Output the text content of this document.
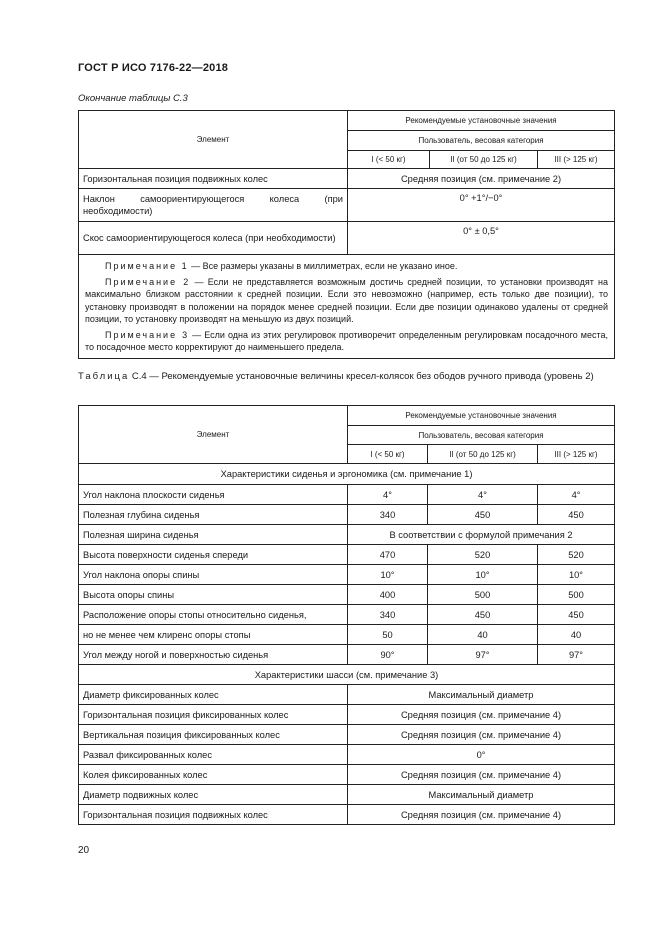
ГОСТ Р ИСО 7176-22—2018
Окончание таблицы С.3
Элемент	Рекомендуемые установочные значения		
	Пользователь, весовая категория		
	I (< 50 кг)	II (от 50 до 125 кг)	III (> 125 кг)
Горизонтальная позиция подвижных колес	Средняя позиция (см. примечание 2)		
Наклон самоориентирующегося колеса (при необходимости)	0° +1°/−0°		
Скос самоориентирующегося колеса (при необходимости)	0° ± 0,5°		

Примечание 1 — Все размеры указаны в миллиметрах, если не указано иное.

Примечание 2 — Если не представляется возможным достичь средней позиции, то установки производят на максимально близком расстоянии к средней позиции. Если это невозможно (например, есть только две позиции), то установку производят в положении на порядок менее средней позиции. Если две позиции одинаково удалены от средней позиции, то установку производят на меньшую из двух позиций.

Примечание 3 — Если одна из этих регулировок противоречит определенным регулировкам посадочного места, то посадочное место корректируют до наименьшего предела.			

Таблица С.4 — Рекомендуемые установочные величины кресел-колясок без ободов ручного привода (уровень 2)
Элемент	Рекомендуемые установочные значения		
	Пользователь, весовая категория		
	I (< 50 кг)	II (от 50 до 125 кг)	III (> 125 кг)
Характеристики сиденья и эргономика (см. примечание 1)			
Угол наклона плоскости сиденья	4°	4°	4°
Полезная глубина сиденья	340	450	450
Полезная ширина сиденья	В соответствии с формулой примечания 2		
Высота поверхности сиденья спереди	470	520	520
Угол наклона опоры спины	10°	10°	10°
Высота опоры спины	400	500	500
Расположение опоры стопы относительно сиденья,	340	450	450
но не менее чем клиренс опоры стопы	50	40	40
Угол между ногой и поверхностью сиденья	90°	97°	97°
Характеристики шасси (см. примечание 3)			
Диаметр фиксированных колес	Максимальный диаметр		
Горизонтальная позиция фиксированных колес	Средняя позиция (см. примечание 4)		
Вертикальная позиция фиксированных колес	Средняя позиция (см. примечание 4)		
Развал фиксированных колес	0°		
Колея фиксированных колес	Средняя позиция (см. примечание 4)		
Диаметр подвижных колес	Максимальный диаметр		
Горизонтальная позиция подвижных колес	Средняя позиция (см. примечание 4)		
20
